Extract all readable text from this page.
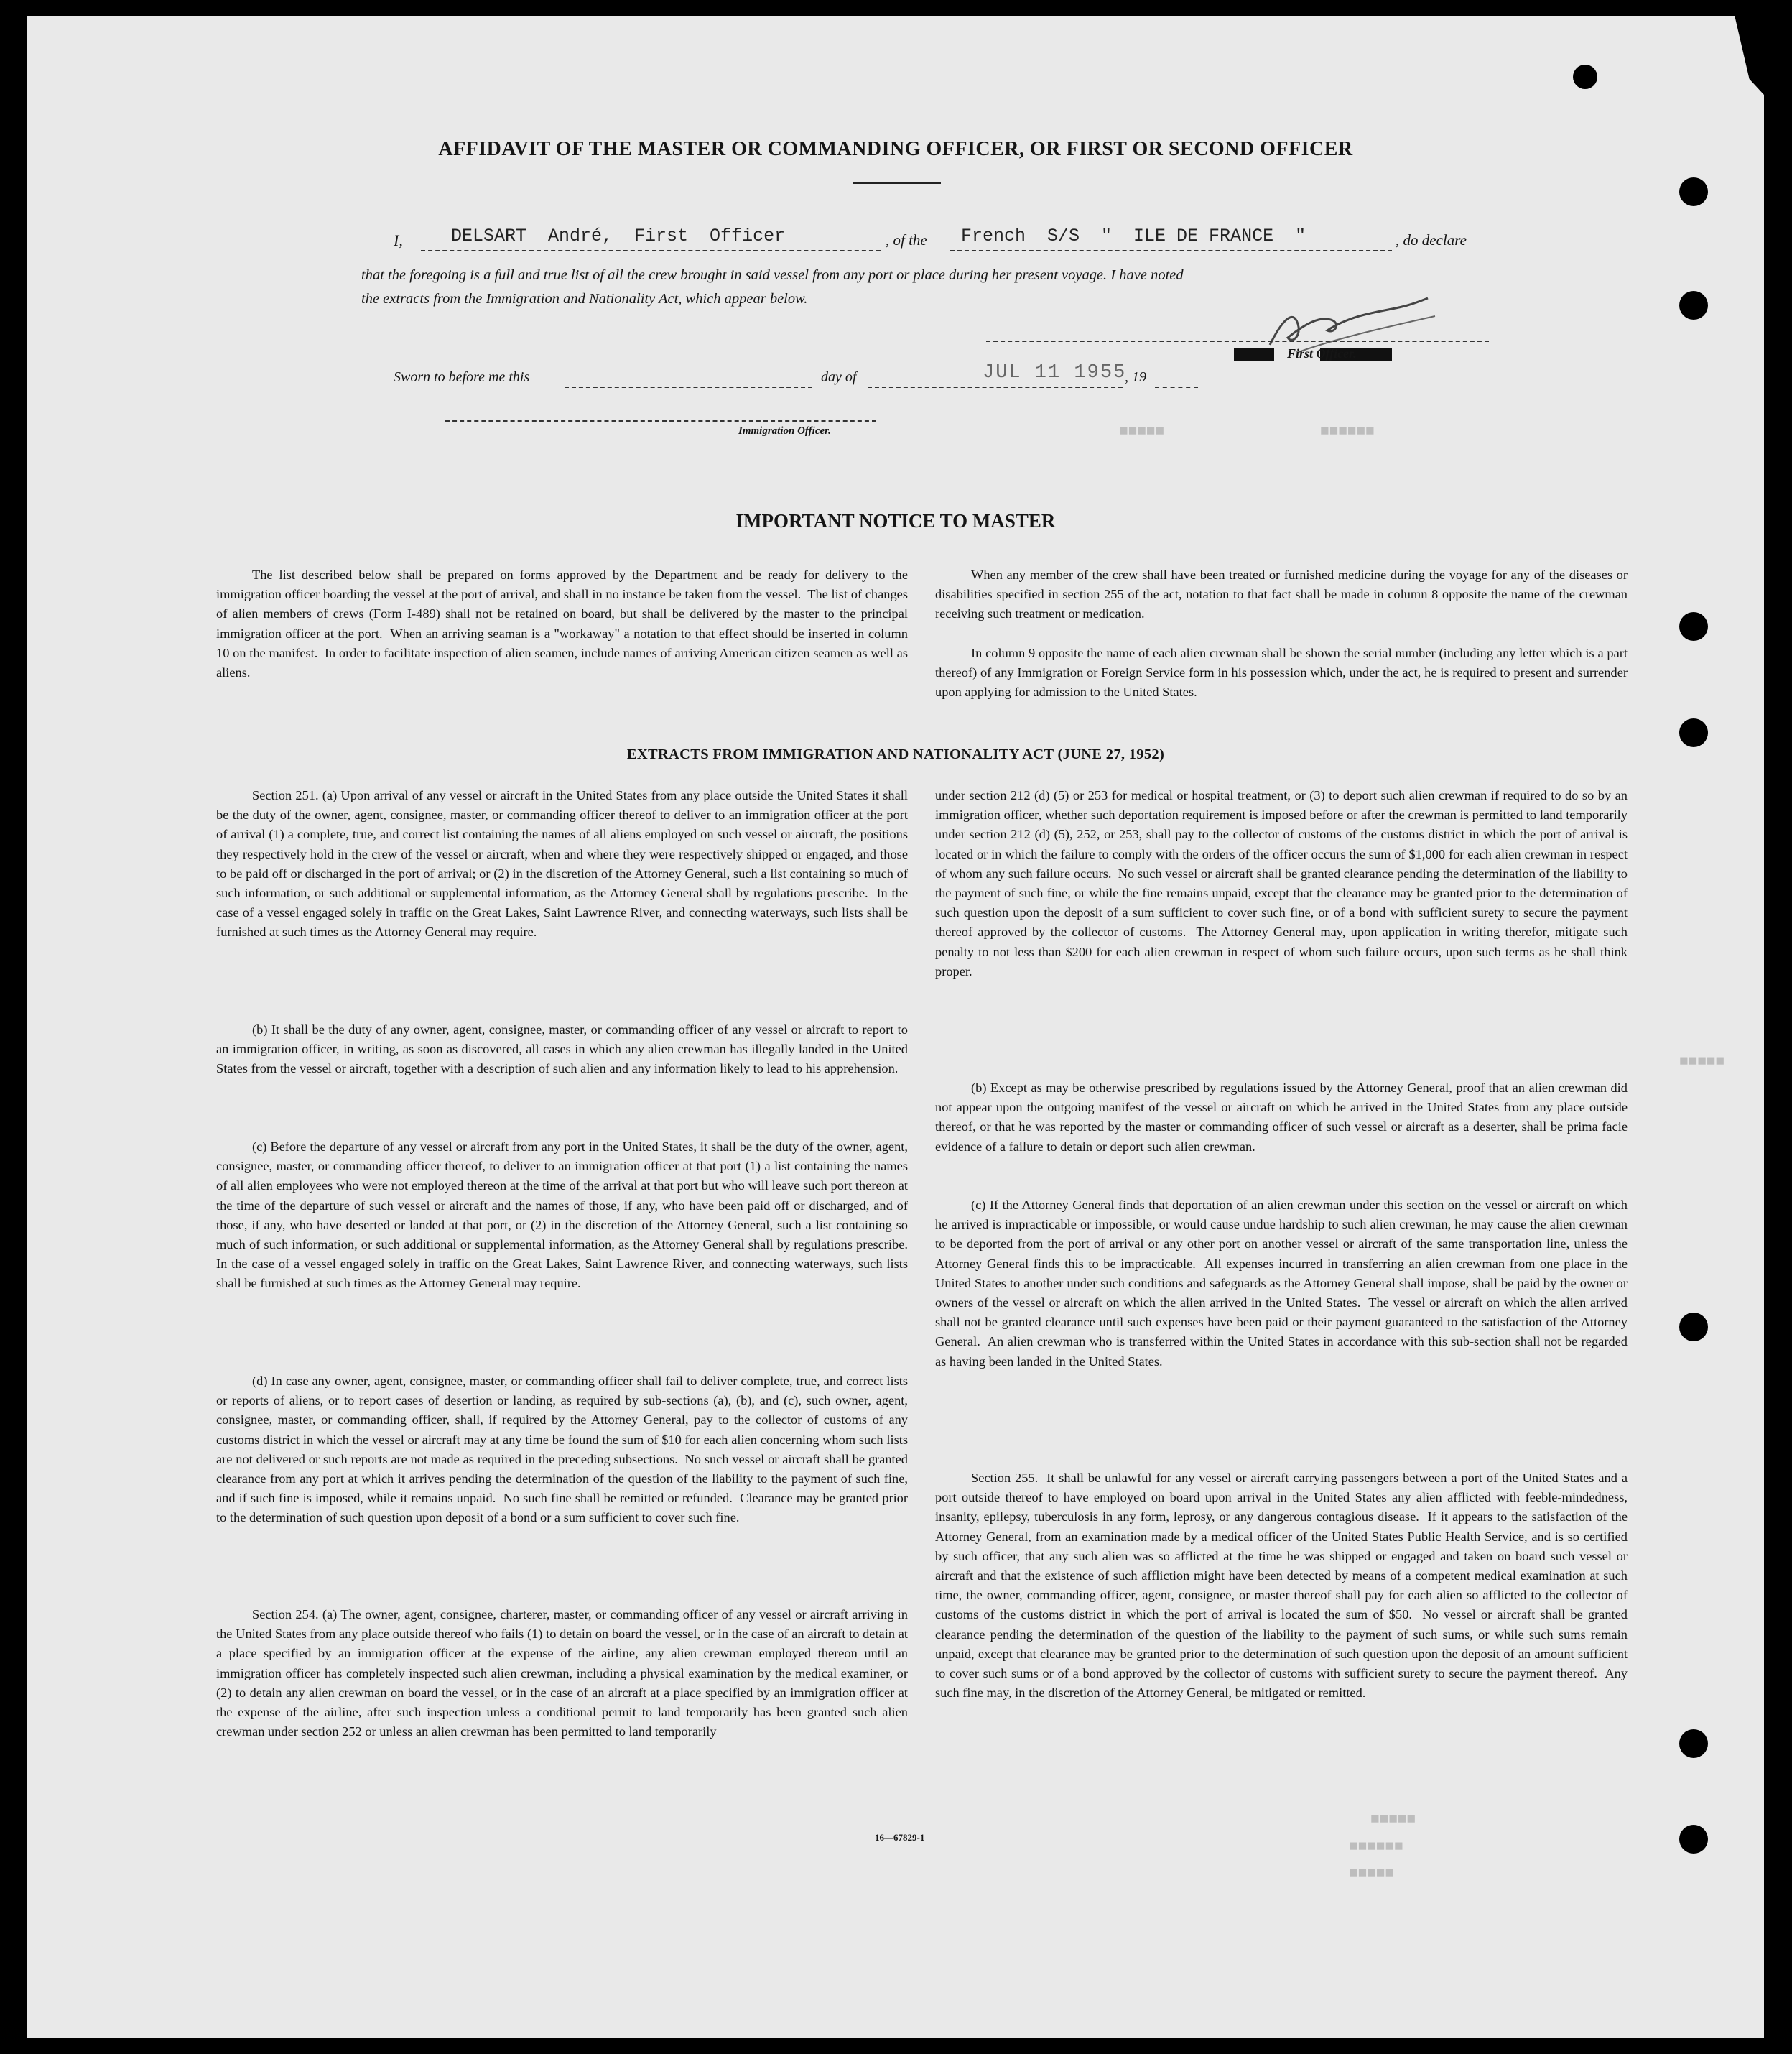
AFFIDAVIT OF THE MASTER OR COMMANDING OFFICER, OR FIRST OR SECOND OFFICER

I,	DELSART  André,  First  Officer	, of the French  S/S  "  ILE DE FRANCE  "	, do declare

that the foregoing is a full and true list of all the crew brought in said vessel from any port or place during her present voyage. I have noted

the extracts from the Immigration and Nationality Act, which appear below.

First Officer.
Sworn to before me this	day of	JUL 11 1955
, 19
Immigration Officer.

IMPORTANT NOTICE TO MASTER

The list described below shall be prepared on forms approved by the Department and be ready for delivery to the immigration officer boarding the vessel at the port of arrival, and shall in no instance be taken from the vessel.  The list of changes of alien members of crews (Form I-489) shall not be retained on board, but shall be delivered by the master to the principal immigration officer at the port.  When an arriving seaman is a "workaway" a notation to that effect should be inserted in column 10 on the manifest.  In order to facilitate inspection of alien seamen, include names of arriving American citizen seamen as well as aliens.

When any member of the crew shall have been treated or furnished medicine during the voyage for any of the diseases or disabilities specified in section 255 of the act, notation to that fact shall be made in column 8 opposite the name of the crewman receiving such treatment or medication.

In column 9 opposite the name of each alien crewman shall be shown the serial number (including any letter which is a part thereof) of any Immigration or Foreign Service form in his possession which, under the act, he is required to present and surrender upon applying for admission to the United States.

EXTRACTS FROM IMMIGRATION AND NATIONALITY ACT (JUNE 27, 1952)

Section 251. (a) Upon arrival of any vessel or aircraft in the United States from any place outside the United States it shall be the duty of the owner, agent, consignee, master, or commanding officer thereof to deliver to an immigration officer at the port of arrival (1) a complete, true, and correct list containing the names of all aliens employed on such vessel or aircraft, the positions they respectively hold in the crew of the vessel or aircraft, when and where they were respectively shipped or engaged, and those to be paid off or discharged in the port of arrival; or (2) in the discretion of the Attorney General, such a list containing so much of such information, or such additional or supplemental information, as the Attorney General shall by regulations prescribe.  In the case of a vessel engaged solely in traffic on the Great Lakes, Saint Lawrence River, and connecting waterways, such lists shall be furnished at such times as the Attorney General may require.

(b) It shall be the duty of any owner, agent, consignee, master, or commanding officer of any vessel or aircraft to report to an immigration officer, in writing, as soon as discovered, all cases in which any alien crewman has illegally landed in the United States from the vessel or aircraft, together with a description of such alien and any information likely to lead to his apprehension.

(c) Before the departure of any vessel or aircraft from any port in the United States, it shall be the duty of the owner, agent, consignee, master, or commanding officer thereof, to deliver to an immigration officer at that port (1) a list containing the names of all alien employees who were not employed thereon at the time of the arrival at that port but who will leave such port thereon at the time of the departure of such vessel or aircraft and the names of those, if any, who have been paid off or discharged, and of those, if any, who have deserted or landed at that port, or (2) in the discretion of the Attorney General, such a list containing so much of such information, or such additional or supplemental information, as the Attorney General shall by regulations prescribe.  In the case of a vessel engaged solely in traffic on the Great Lakes, Saint Lawrence River, and connecting waterways, such lists shall be furnished at such times as the Attorney General may require.

(d) In case any owner, agent, consignee, master, or commanding officer shall fail to deliver complete, true, and correct lists or reports of aliens, or to report cases of desertion or landing, as required by sub-sections (a), (b), and (c), such owner, agent, consignee, master, or commanding officer, shall, if required by the Attorney General, pay to the collector of customs of any customs district in which the vessel or aircraft may at any time be found the sum of $10 for each alien concerning whom such lists are not delivered or such reports are not made as required in the preceding subsections.  No such vessel or aircraft shall be granted clearance from any port at which it arrives pending the determination of the question of the liability to the payment of such fine, and if such fine is imposed, while it remains unpaid.  No such fine shall be remitted or refunded.  Clearance may be granted prior to the determination of such question upon deposit of a bond or a sum sufficient to cover such fine.

Section 254. (a) The owner, agent, consignee, charterer, master, or commanding officer of any vessel or aircraft arriving in the United States from any place outside thereof who fails (1) to detain on board the vessel, or in the case of an aircraft to detain at a place specified by an immigration officer at the expense of the airline, any alien crewman employed thereon until an immigration officer has completely inspected such alien crewman, including a physical examination by the medical examiner, or (2) to detain any alien crewman on board the vessel, or in the case of an aircraft at a place specified by an immigration officer at the expense of the airline, after such inspection unless a conditional permit to land temporarily has been granted such alien crewman under section 252 or unless an alien crewman has been permitted to land temporarily

under section 212 (d) (5) or 253 for medical or hospital treatment, or (3) to deport such alien crewman if required to do so by an immigration officer, whether such deportation requirement is imposed before or after the crewman is permitted to land temporarily under section 212 (d) (5), 252, or 253, shall pay to the collector of customs of the customs district in which the port of arrival is located or in which the failure to comply with the orders of the officer occurs the sum of $1,000 for each alien crewman in respect of whom any such failure occurs.  No such vessel or aircraft shall be granted clearance pending the determination of the liability to the payment of such fine, or while the fine remains unpaid, except that the clearance may be granted prior to the determination of such question upon the deposit of a sum sufficient to cover such fine, or of a bond with sufficient surety to secure the payment thereof approved by the collector of customs.  The Attorney General may, upon application in writing therefor, mitigate such penalty to not less than $200 for each alien crewman in respect of whom such failure occurs, upon such terms as he shall think proper.

(b) Except as may be otherwise prescribed by regulations issued by the Attorney General, proof that an alien crewman did not appear upon the outgoing manifest of the vessel or aircraft on which he arrived in the United States from any place outside thereof, or that he was reported by the master or commanding officer of such vessel or aircraft as a deserter, shall be prima facie evidence of a failure to detain or deport such alien crewman.

(c) If the Attorney General finds that deportation of an alien crewman under this section on the vessel or aircraft on which he arrived is impracticable or impossible, or would cause undue hardship to such alien crewman, he may cause the alien crewman to be deported from the port of arrival or any other port on another vessel or aircraft of the same transportation line, unless the Attorney General finds this to be impracticable.  All expenses incurred in transferring an alien crewman from one place in the United States to another under such conditions and safeguards as the Attorney General shall impose, shall be paid by the owner or owners of the vessel or aircraft on which the alien arrived in the United States.  The vessel or aircraft on which the alien arrived shall not be granted clearance until such expenses have been paid or their payment guaranteed to the satisfaction of the Attorney General.  An alien crewman who is transferred within the United States in accordance with this sub-section shall not be regarded as having been landed in the United States.

Section 255.  It shall be unlawful for any vessel or aircraft carrying passengers between a port of the United States and a port outside thereof to have employed on board upon arrival in the United States any alien afflicted with feeble-mindedness, insanity, epilepsy, tuberculosis in any form, leprosy, or any dangerous contagious disease.  If it appears to the satisfaction of the Attorney General, from an examination made by a medical officer of the United States Public Health Service, and is so certified by such officer, that any such alien was so afflicted at the time he was shipped or engaged and taken on board such vessel or aircraft and that the existence of such affliction might have been detected by means of a competent medical examination at such time, the owner, commanding officer, agent, consignee, or master thereof shall pay for each alien so afflicted to the collector of customs of the customs district in which the port of arrival is located the sum of $50.  No vessel or aircraft shall be granted clearance pending the determination of the question of the liability to the payment of such sums, or while such sums remain unpaid, except that clearance may be granted prior to the determination of such question upon the deposit of an amount sufficient to cover such sums or of a bond approved by the collector of customs with sufficient surety to secure the payment thereof.  Any such fine may, in the discretion of the Attorney General, be mitigated or remitted.

16—67829-1

■■■■■	■■■■■■
■■■■■
■■■■■
■■■■■■
■■■■■
